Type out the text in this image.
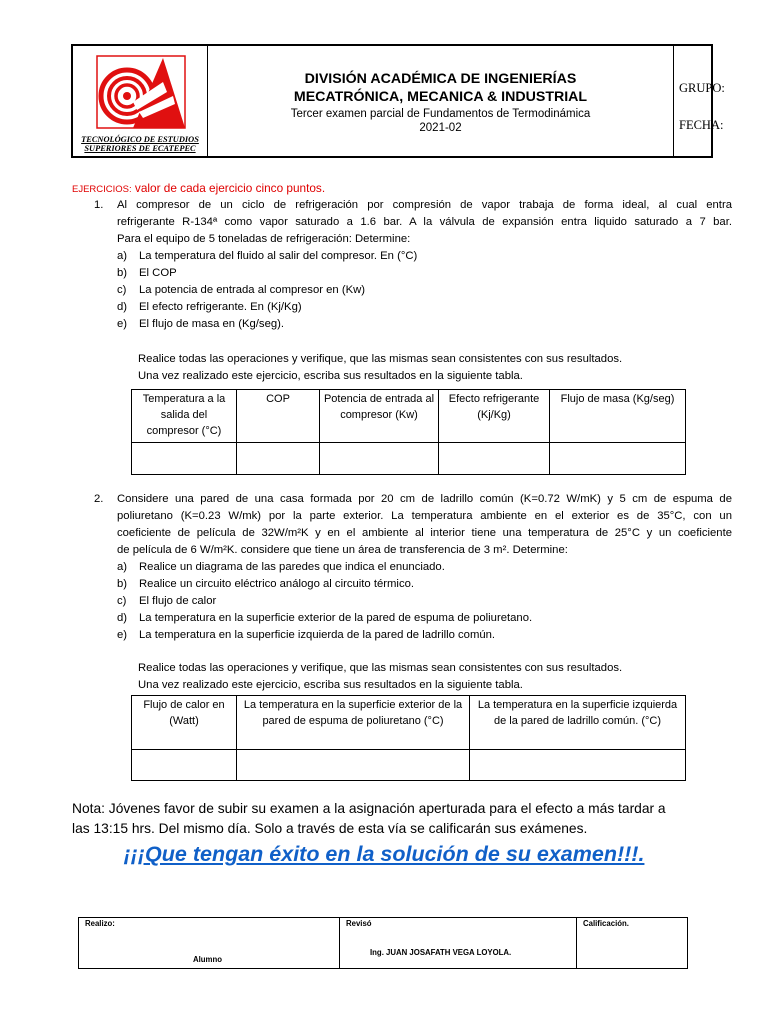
TECNOLÓGICO DE ESTUDIOS
SUPERIORES DE ECATEPEC
DIVISIÓN ACADÉMICA DE INGENIERÍAS
MECATRÓNICA, MECANICA & INDUSTRIAL
Tercer examen parcial de Fundamentos de Termodinámica
2021-02
GRUPO:
FECHA:
EJERCICIOS: valor de cada ejercicio cinco puntos.
1. Al compresor de un ciclo de refrigeración por compresión de vapor trabaja de forma ideal, al cual entra
refrigerante R-134ª como vapor saturado a 1.6 bar. A la válvula de expansión entra liquido saturado a 7 bar.
Para el equipo de 5 toneladas de refrigeración: Determine:
a) La temperatura del fluido al salir del compresor. En (°C)
b) El COP
c) La potencia de entrada al compresor en (Kw)
d) El efecto refrigerante. En (Kj/Kg)
e) El flujo de masa en (Kg/seg).
Realice todas las operaciones y verifique, que las mismas sean consistentes con sus resultados.
Una vez realizado este ejercicio, escriba sus resultados en la siguiente tabla.
Temperatura a la salida del compresor (°C)	COP	Potencia de entrada al compresor (Kw)	Efecto refrigerante (Kj/Kg)	Flujo de masa (Kg/seg)

2. Considere una pared de una casa formada por 20 cm de ladrillo común (K=0.72 W/mK) y 5 cm de espuma de
poliuretano (K=0.23 W/mk) por la parte exterior. La temperatura ambiente en el exterior es de 35°C, con un
coeficiente de película de 32W/m²K y en el ambiente al interior tiene una temperatura de 25°C y un coeficiente
de película de 6 W/m²K. considere que tiene un área de transferencia de 3 m². Determine:
a) Realice un diagrama de las paredes que indica el enunciado.
b) Realice un circuito eléctrico análogo al circuito térmico.
c) El flujo de calor
d) La temperatura en la superficie exterior de la pared de espuma de poliuretano.
e) La temperatura en la superficie izquierda de la pared de ladrillo común.
Realice todas las operaciones y verifique, que las mismas sean consistentes con sus resultados.
Una vez realizado este ejercicio, escriba sus resultados en la siguiente tabla.
Flujo de calor en (Watt)	La temperatura en la superficie exterior de la pared de espuma de poliuretano (°C)	La temperatura en la superficie izquierda de la pared de ladrillo común. (°C)

Nota: Jóvenes favor de subir su examen a la asignación aperturada para el efecto a más tardar a
las 13:15 hrs. Del mismo día. Solo a través de esta vía se calificarán sus exámenes.
¡¡¡Que tengan éxito en la solución de su examen!!!.
Realizo:
Alumno

Revisó
Ing. JUAN JOSAFATH VEGA LOYOLA.

Calificación.
